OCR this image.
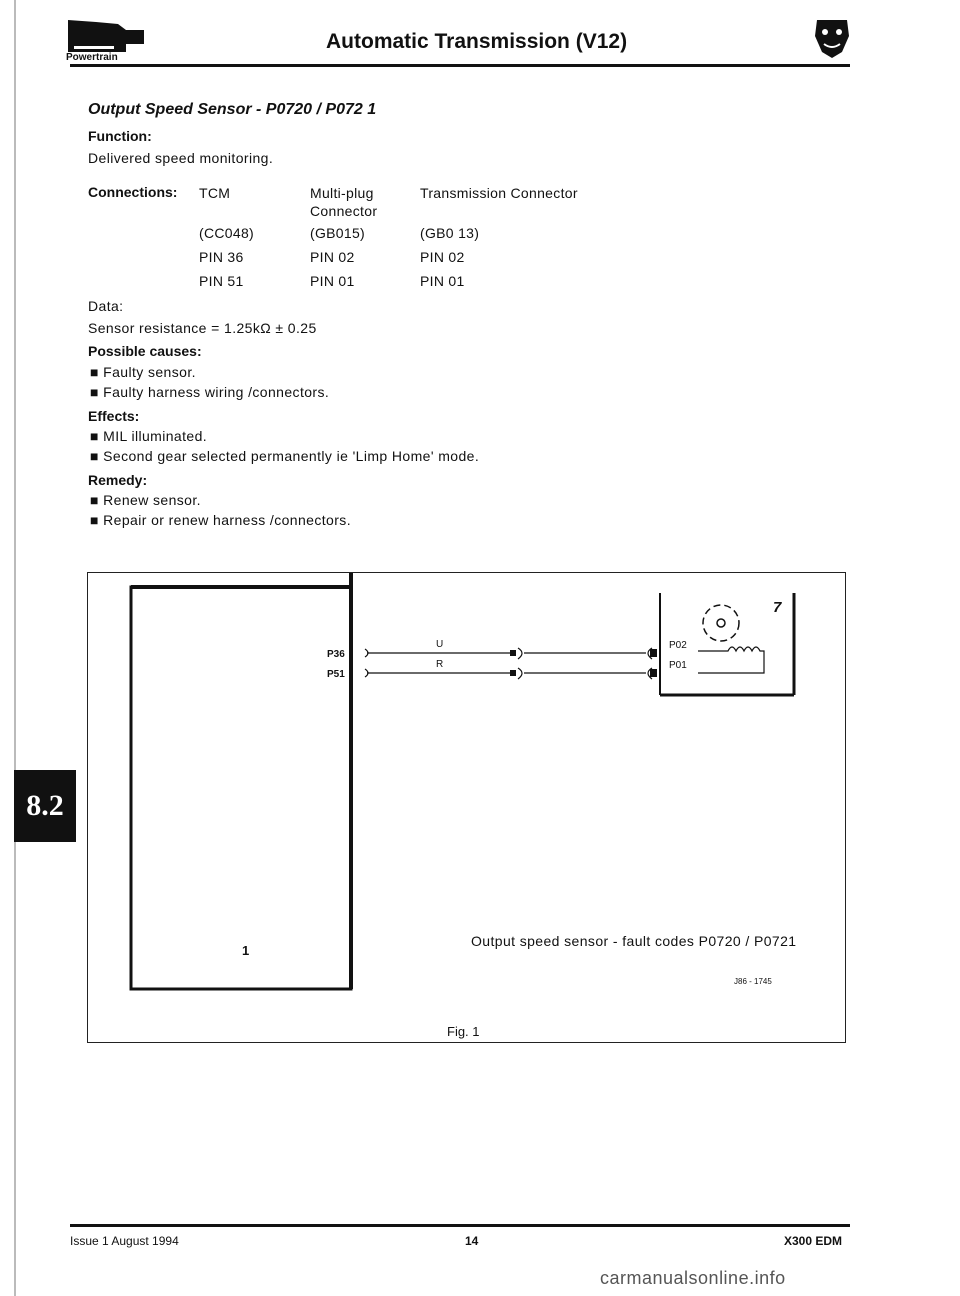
Powertrain
Automatic Transmission (V12)
8.2
Output Speed Sensor - P0720 / P072 1
Function:
Delivered speed monitoring.
Connections: TCM
(CC048)
PIN 36
PIN 51
Multi-plug Connector
(GB015)
PIN 02
PIN 01
Transmission Connector
(GB0 13)
PIN 02
PIN 01
Data:
Sensor resistance = 1.25kΩ ± 0.25
Possible causes:
■ Faulty sensor.
■ Faulty harness wiring /connectors.
Effects:
■ MIL illuminated.
■ Second gear selected permanently ie 'Limp Home' mode.
Remedy:
■ Renew sensor.
■ Repair or renew harness /connectors.
P36
P51
U
R
P02
P01
1
7
Output speed sensor - fault codes P0720 / P0721
J86 - 1745
Fig. 1
Issue 1 August 1994	14	X300 EDM
carmanualsonline.info
